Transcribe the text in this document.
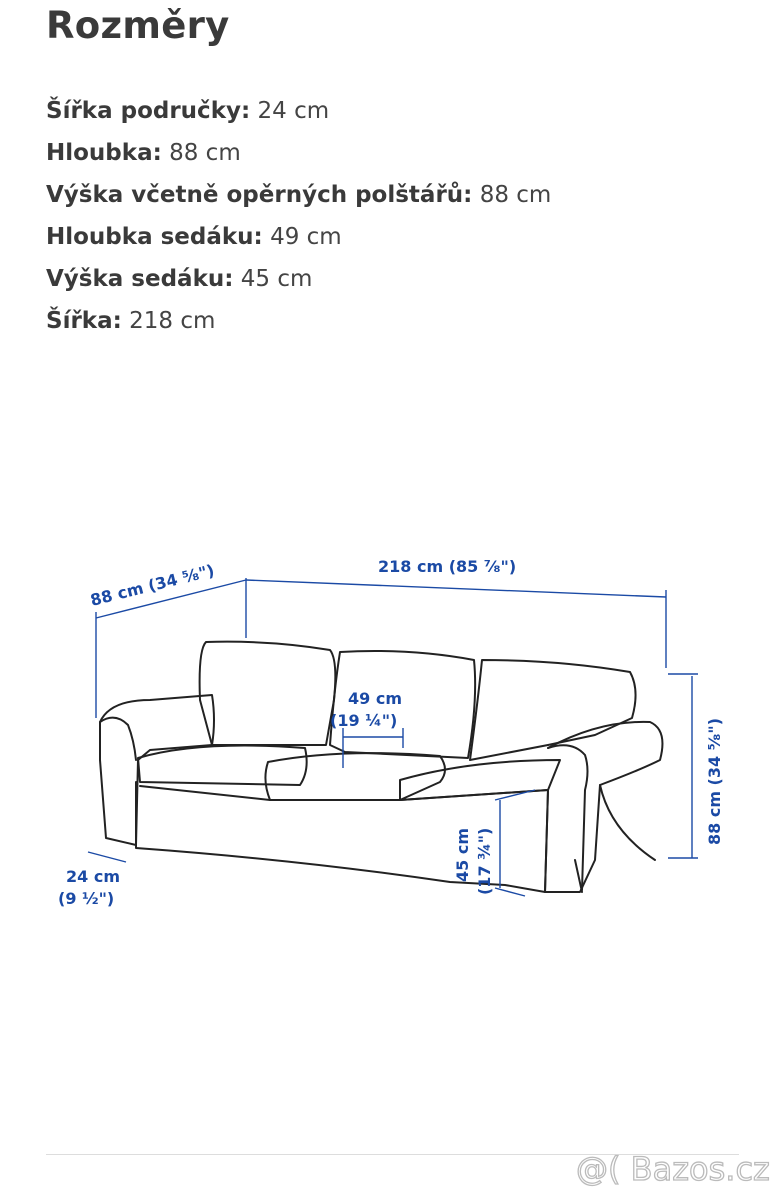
Rozměry
Šířka područky: 24 cm
Hloubka: 88 cm
Výška včetně opěrných polštářů: 88 cm
Hloubka sedáku: 49 cm
Výška sedáku: 45 cm
Šířka: 218 cm
88 cm (34 ⁵⁄₈")	218 cm (85 ⁷⁄₈")
49 cm
(19 ¼")
24 cm
(9 ½")
45 cm (17 ¾")
88 cm (34 ⁵⁄₈")
@( Bazos.cz
